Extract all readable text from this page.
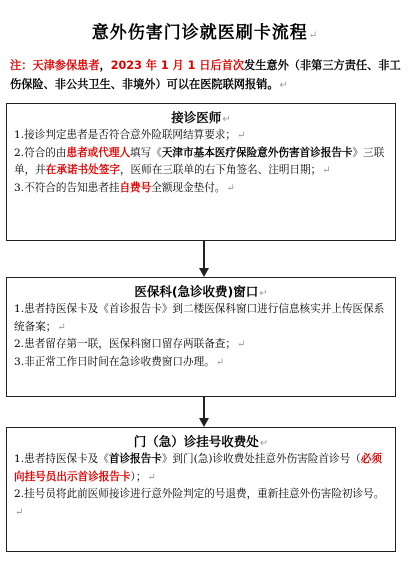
意外伤害门诊就医刷卡流程↵
注：天津参保患者，2023 年 1 月 1 日后首次发生意外（非第三方责任、非工伤保险、非公共卫生、非境外）可以在医院联网报销。↵
接诊医师↵
1.接诊判定患者是否符合意外险联网结算要求；↵
2.符合的由患者或代理人填写《天津市基本医疗保险意外伤害首诊报告卡》三联单，并在承诺书处签字，医师在三联单的右下角签名、注明日期；↵
3.不符合的告知患者挂自费号全额现金垫付。↵
医保科(急诊收费)窗口↵
1.患者持医保卡及《首诊报告卡》到二楼医保科窗口进行信息核实并上传医保系统备案；↵
2.患者留存第一联，医保科窗口留存两联备查；↵
3.非正常工作日时间在急诊收费窗口办理。↵
门（急）诊挂号收费处↵
1.患者持医保卡及《首诊报告卡》到门(急)诊收费处挂意外伤害险首诊号（必须向挂号员出示首诊报告卡）；↵
2.挂号员将此前医师接诊进行意外险判定的号退费，重新挂意外伤害险初诊号。↵
